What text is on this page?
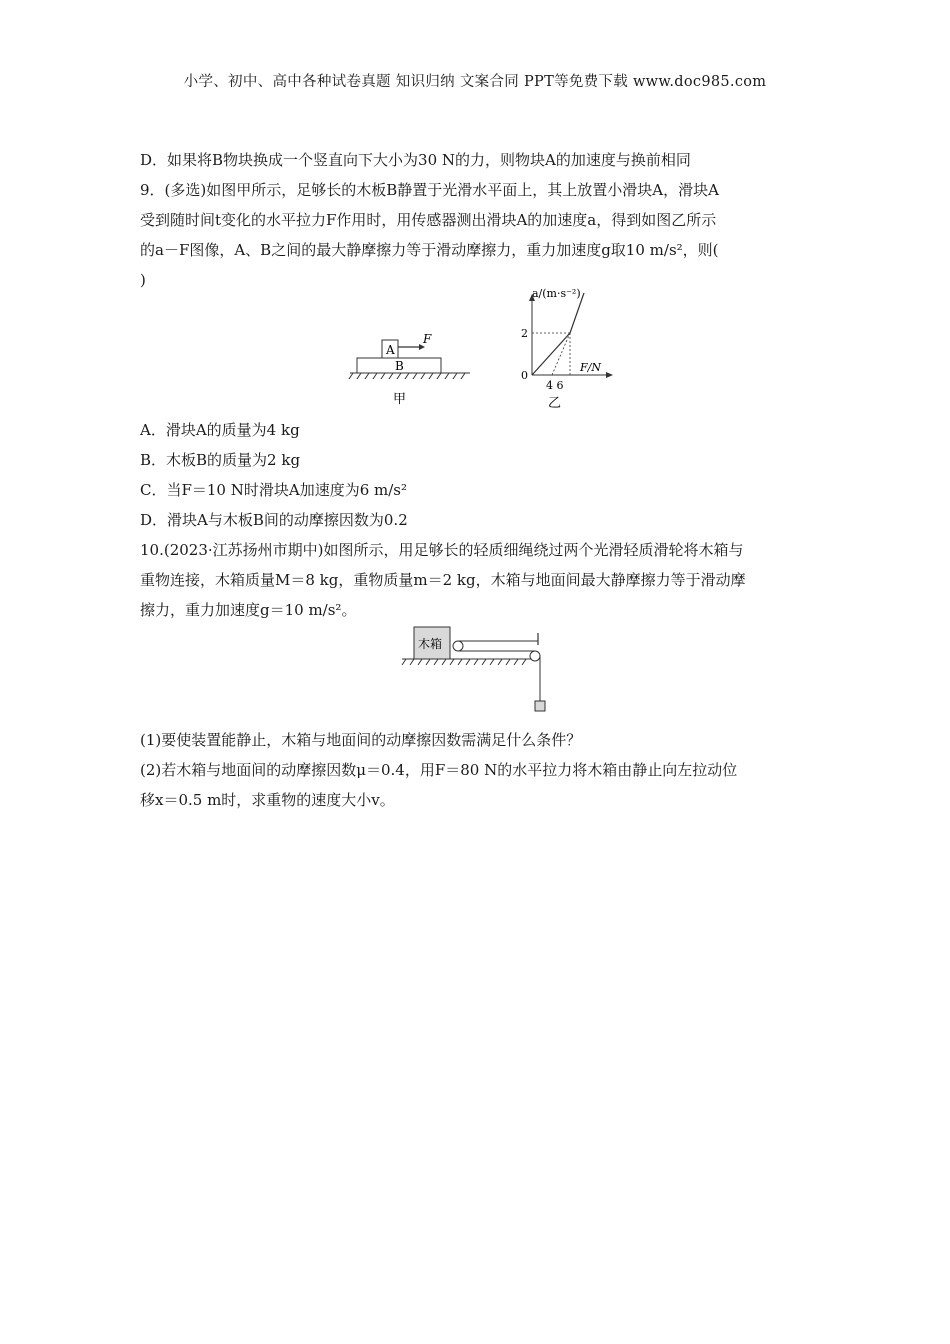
小学、初中、高中各种试卷真题 知识归纳 文案合同 PPT等免费下载 www.doc985.com
D．如果将B物块换成一个竖直向下大小为30 N的力，则物块A的加速度与换前相同
9．(多选)如图甲所示，足够长的木板B静置于光滑水平面上，其上放置小滑块A，滑块A
受到随时间t变化的水平拉力F作用时，用传感器测出滑块A的加速度a，得到如图乙所示
的a－F图像，A、B之间的最大静摩擦力等于滑动摩擦力，重力加速度g取10 m/s²，则(
)
A
B
F
甲
a/(m·s⁻²)
2
0
4 6
F/N
乙
A．滑块A的质量为4 kg
B．木板B的质量为2 kg
C．当F＝10 N时滑块A加速度为6 m/s²
D．滑块A与木板B间的动摩擦因数为0.2
10.(2023·江苏扬州市期中)如图所示，用足够长的轻质细绳绕过两个光滑轻质滑轮将木箱与
重物连接，木箱质量M＝8 kg，重物质量m＝2 kg，木箱与地面间最大静摩擦力等于滑动摩
擦力，重力加速度g＝10 m/s²。
木箱
(1)要使装置能静止，木箱与地面间的动摩擦因数需满足什么条件？
(2)若木箱与地面间的动摩擦因数μ＝0.4，用F＝80 N的水平拉力将木箱由静止向左拉动位
移x＝0.5 m时，求重物的速度大小v。
